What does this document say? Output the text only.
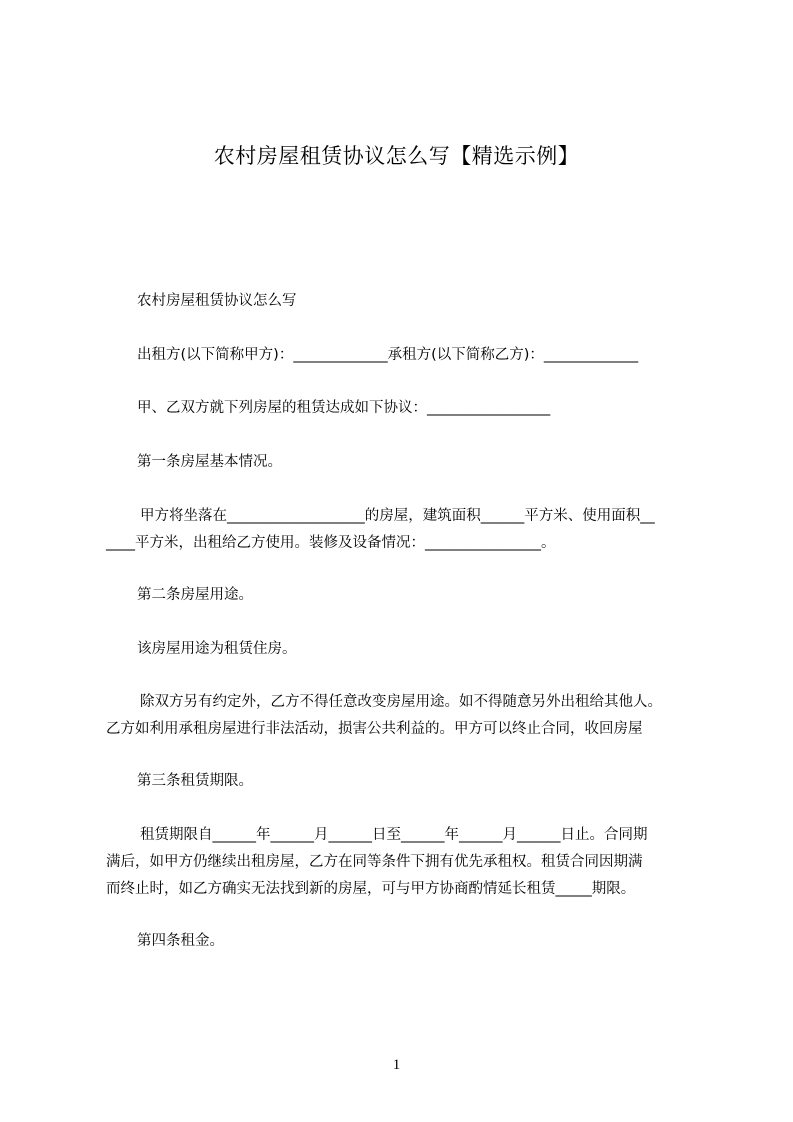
农村房屋租赁协议怎么写【精选示例】

农村房屋租赁协议怎么写

出租方(以下简称甲方)：_____________承租方(以下简称乙方)：_____________

甲、乙双方就下列房屋的租赁达成如下协议：_________________

第一条房屋基本情况。

甲方将坐落在___________________的房屋，建筑面积______平方米、使用面积__

____平方米，出租给乙方使用。装修及设备情况：________________。

第二条房屋用途。

该房屋用途为租赁住房。

除双方另有约定外，乙方不得任意改变房屋用途。如不得随意另外出租给其他人。

乙方如利用承租房屋进行非法活动，损害公共利益的。甲方可以终止合同，收回房屋

第三条租赁期限。

租赁期限自______年______月______日至______年______月______日止。合同期

满后，如甲方仍继续出租房屋，乙方在同等条件下拥有优先承租权。租赁合同因期满

而终止时，如乙方确实无法找到新的房屋，可与甲方协商酌情延长租赁_____期限。

第四条租金。

1
